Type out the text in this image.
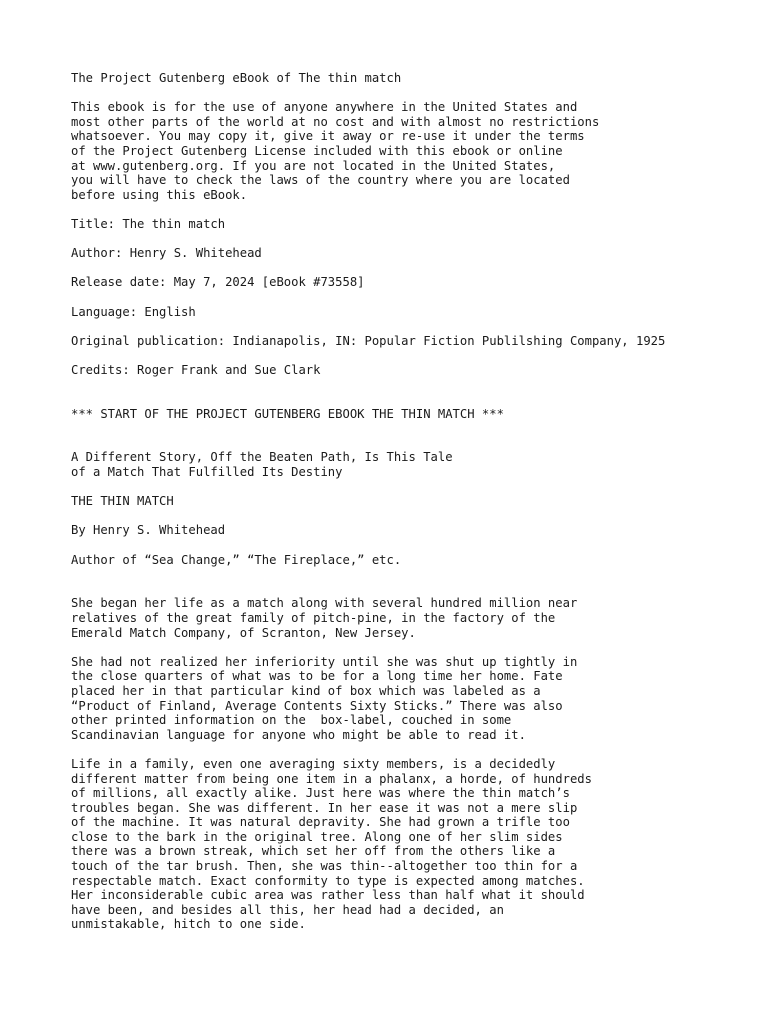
The Project Gutenberg eBook of The thin match
This ebook is for the use of anyone anywhere in the United States and
most other parts of the world at no cost and with almost no restrictions
whatsoever. You may copy it, give it away or re-use it under the terms
of the Project Gutenberg License included with this ebook or online
at www.gutenberg.org. If you are not located in the United States,
you will have to check the laws of the country where you are located
before using this eBook.
Title: The thin match
Author: Henry S. Whitehead
Release date: May 7, 2024 [eBook #73558]
Language: English
Original publication: Indianapolis, IN: Popular Fiction Publilshing Company, 1925
Credits: Roger Frank and Sue Clark
*** START OF THE PROJECT GUTENBERG EBOOK THE THIN MATCH ***
A Different Story, Off the Beaten Path, Is This Tale
of a Match That Fulfilled Its Destiny
THE THIN MATCH
By Henry S. Whitehead
Author of “Sea Change,” “The Fireplace,” etc.
She began her life as a match along with several hundred million near
relatives of the great family of pitch-pine, in the factory of the
Emerald Match Company, of Scranton, New Jersey.
She had not realized her inferiority until she was shut up tightly in
the close quarters of what was to be for a long time her home. Fate
placed her in that particular kind of box which was labeled as a
“Product of Finland, Average Contents Sixty Sticks.” There was also
other printed information on the  box-label, couched in some
Scandinavian language for anyone who might be able to read it.
Life in a family, even one averaging sixty members, is a decidedly
different matter from being one item in a phalanx, a horde, of hundreds
of millions, all exactly alike. Just here was where the thin match’s
troubles began. She was different. In her ease it was not a mere slip
of the machine. It was natural depravity. She had grown a trifle too
close to the bark in the original tree. Along one of her slim sides
there was a brown streak, which set her off from the others like a
touch of the tar brush. Then, she was thin--altogether too thin for a
respectable match. Exact conformity to type is expected among matches.
Her inconsiderable cubic area was rather less than half what it should
have been, and besides all this, her head had a decided, an
unmistakable, hitch to one side.
